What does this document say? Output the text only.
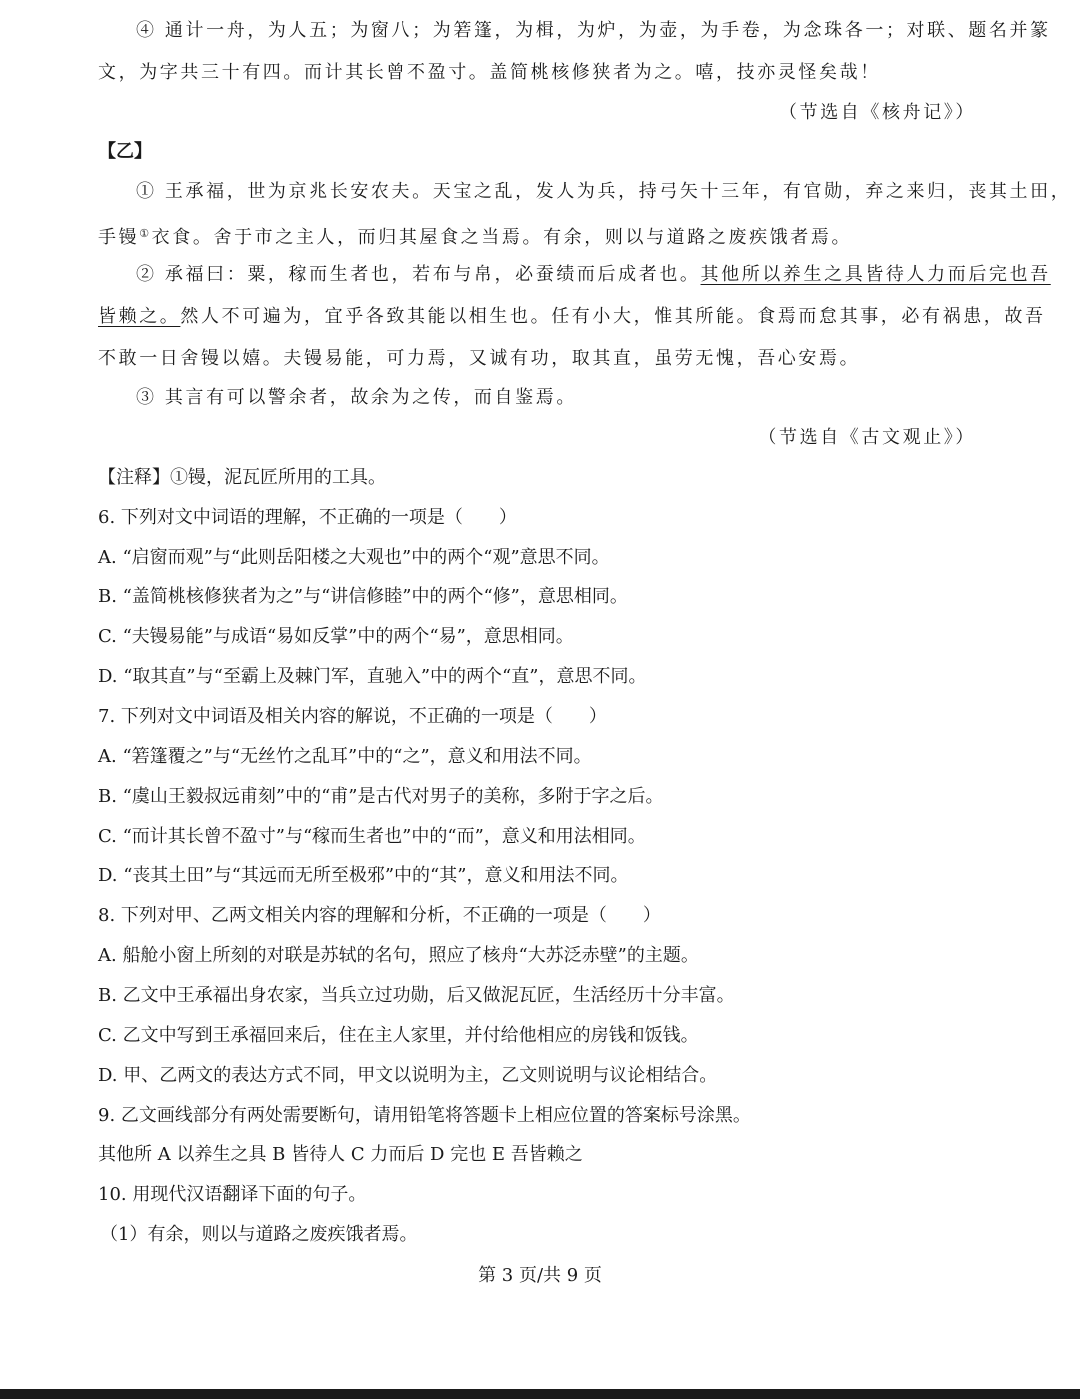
④ 通计一舟，为人五；为窗八；为箬篷，为楫，为炉，为壶，为手卷，为念珠各一；对联、题名并篆
文，为字共三十有四。而计其长曾不盈寸。盖简桃核修狭者为之。嘻，技亦灵怪矣哉！
（节选自《核舟记》）
【乙】
① 王承福，世为京兆长安农夫。天宝之乱，发人为兵，持弓矢十三年，有官勋，弃之来归，丧其土田，
手镘①衣食。舍于市之主人，而归其屋食之当焉。有余，则以与道路之废疾饿者焉。
② 承福曰：粟，稼而生者也，若布与帛，必蚕绩而后成者也。其他所以养生之具皆待人力而后完也吾
皆赖之。然人不可遍为，宜乎各致其能以相生也。任有小大，惟其所能。食焉而怠其事，必有祸患，故吾
不敢一日舍镘以嬉。夫镘易能，可力焉，又诚有功，取其直，虽劳无愧，吾心安焉。
③ 其言有可以警余者，故余为之传，而自鉴焉。
（节选自《古文观止》）
【注释】①镘，泥瓦匠所用的工具。
6. 下列对文中词语的理解，不正确的一项是（　　）
A. “启窗而观”与“此则岳阳楼之大观也”中的两个“观”意思不同。
B. “盖简桃核修狭者为之”与“讲信修睦”中的两个“修”，意思相同。
C. “夫镘易能”与成语“易如反掌”中的两个“易”，意思相同。
D. “取其直”与“至霸上及棘门军，直驰入”中的两个“直”，意思不同。
7. 下列对文中词语及相关内容的解说，不正确的一项是（　　）
A. “箬篷覆之”与“无丝竹之乱耳”中的“之”，意义和用法不同。
B. “虞山王毅叔远甫刻”中的“甫”是古代对男子的美称，多附于字之后。
C. “而计其长曾不盈寸”与“稼而生者也”中的“而”，意义和用法相同。
D. “丧其土田”与“其远而无所至极邪”中的“其”，意义和用法不同。
8. 下列对甲、乙两文相关内容的理解和分析，不正确的一项是（　　）
A. 船舱小窗上所刻的对联是苏轼的名句，照应了核舟“大苏泛赤壁”的主题。
B. 乙文中王承福出身农家，当兵立过功勋，后又做泥瓦匠，生活经历十分丰富。
C. 乙文中写到王承福回来后，住在主人家里，并付给他相应的房钱和饭钱。
D. 甲、乙两文的表达方式不同，甲文以说明为主，乙文则说明与议论相结合。
9. 乙文画线部分有两处需要断句，请用铅笔将答题卡上相应位置的答案标号涂黑。
其他所 A 以养生之具 B 皆待人 C 力而后 D 完也 E 吾皆赖之
10. 用现代汉语翻译下面的句子。
（1）有余，则以与道路之废疾饿者焉。
第 3 页/共 9 页
